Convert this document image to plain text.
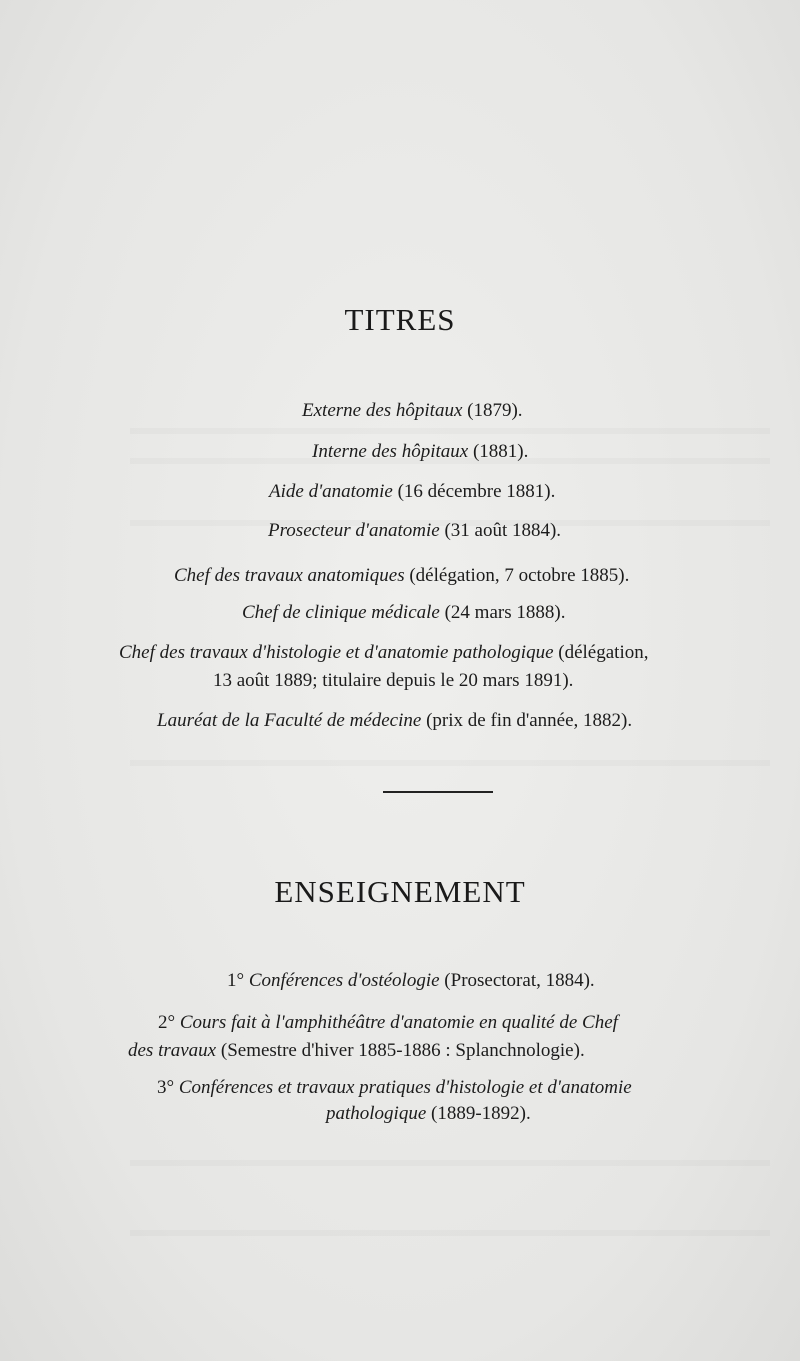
TITRES
Externe des hôpitaux (1879).
Interne des hôpitaux (1881).
Aide d'anatomie (16 décembre 1881).
Prosecteur d'anatomie (31 août 1884).
Chef des travaux anatomiques (délégation, 7 octobre 1885).
Chef de clinique médicale (24 mars 1888).
Chef des travaux d'histologie et d'anatomie pathologique (délégation,
13 août 1889; titulaire depuis le 20 mars 1891).
Lauréat de la Faculté de médecine (prix de fin d'année, 1882).
ENSEIGNEMENT
1° Conférences d'ostéologie (Prosectorat, 1884).
2° Cours fait à l'amphithéâtre d'anatomie en qualité de Chef
des travaux (Semestre d'hiver 1885-1886 : Splanchnologie).
3° Conférences et travaux pratiques d'histologie et d'anatomie
pathologique (1889-1892).
